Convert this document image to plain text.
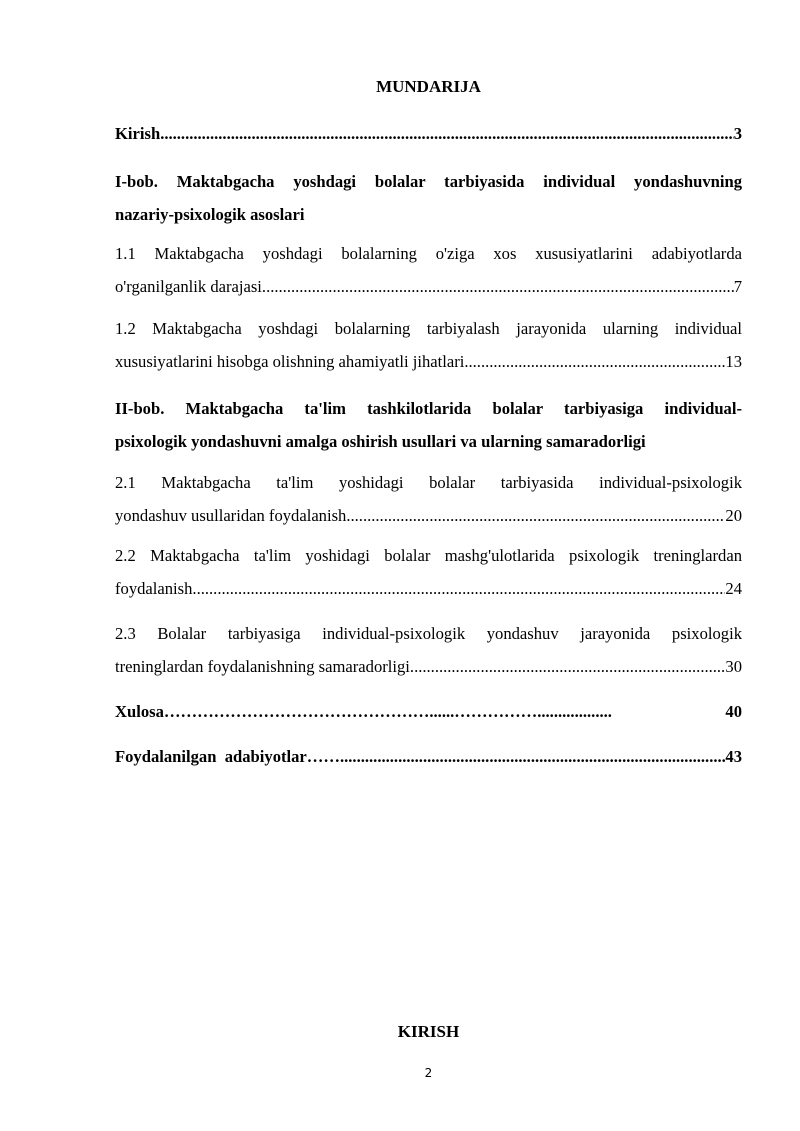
MUNDARIJA
Kirish .....	3
I-bob. Maktabgacha yoshdagi bolalar tarbiyasida individual yondashuvning
nazariy-psixologik asoslari
1.1 Maktabgacha yoshdagi bolalarning o'ziga xos xususiyatlarini adabiyotlarda
o'rganilganlik darajasi .....	7
1.2 Maktabgacha yoshdagi bolalarning tarbiyalash jarayonida ularning individual
xususiyatlarini hisobga olishning ahamiyatli jihatlari .....	13
II-bob. Maktabgacha ta'lim tashkilotlarida bolalar tarbiyasiga individual-
psixologik yondashuvni amalga oshirish usullari va ularning samaradorligi
2.1 Maktabgacha ta'lim yoshidagi bolalar tarbiyasida individual-psixologik
yondashuv usullaridan foydalanish .....	20
2.2 Maktabgacha ta'lim yoshidagi bolalar mashg'ulotlarida psixologik treninglardan
foydalanish .....	24
2.3 Bolalar tarbiyasiga individual-psixologik yondashuv jarayonida psixologik
treninglardan foydalanishning samaradorligi .....	30
Xulosa …………………………………………......……………..................	40
Foydalanilgan  adabiyotlar …… .....	43
KIRISH
2
